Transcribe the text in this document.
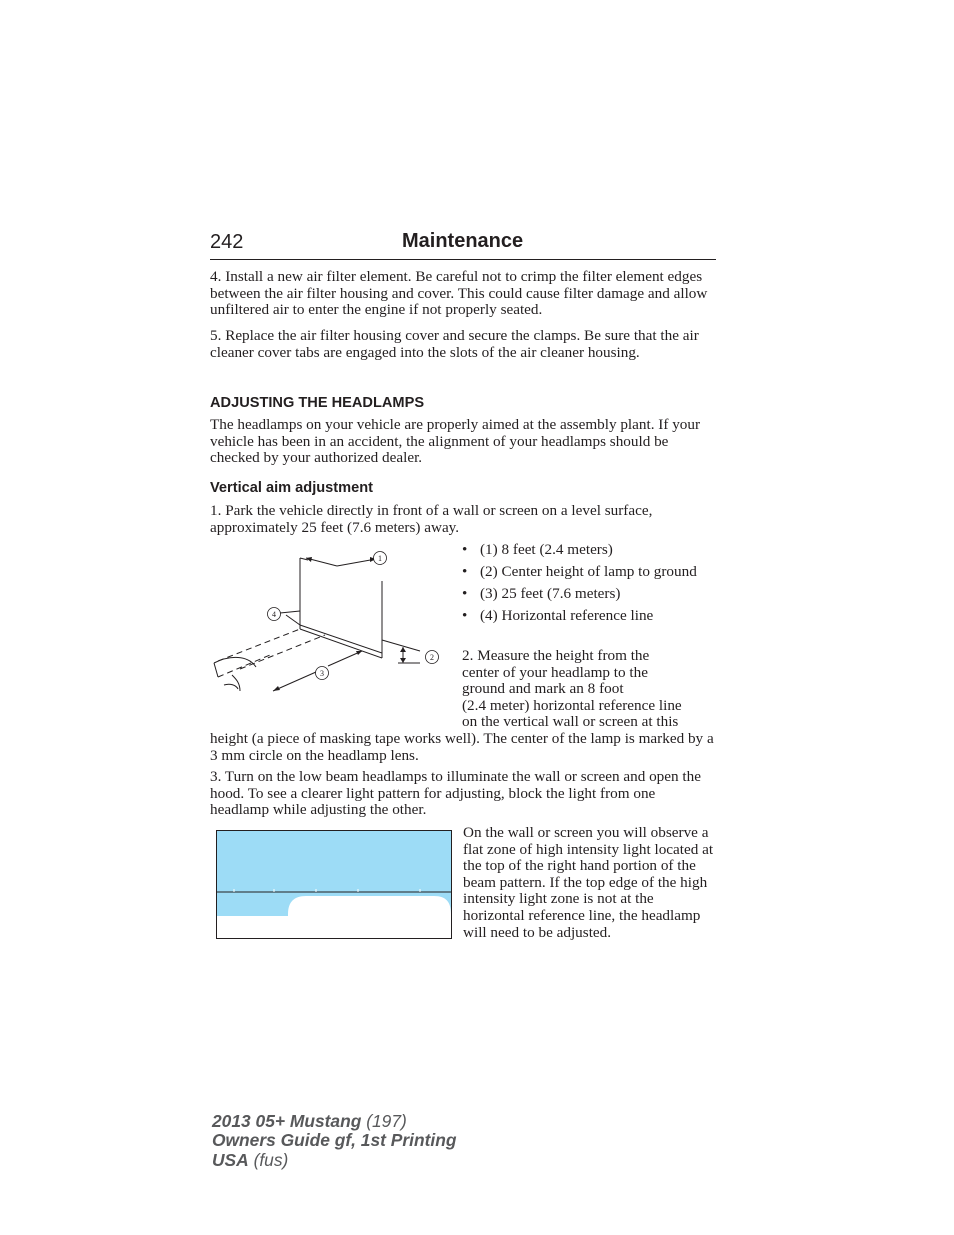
242	Maintenance

4. Install a new air filter element. Be careful not to crimp the filter element edges between the air filter housing and cover. This could cause filter damage and allow unfiltered air to enter the engine if not properly seated.

5. Replace the air filter housing cover and secure the clamps. Be sure that the air cleaner cover tabs are engaged into the slots of the air cleaner housing.

ADJUSTING THE HEADLAMPS

The headlamps on your vehicle are properly aimed at the assembly plant. If your vehicle has been in an accident, the alignment of your headlamps should be checked by your authorized dealer.

Vertical aim adjustment

1. Park the vehicle directly in front of a wall or screen on a level surface, approximately 25 feet (7.6 meters) away.

1
2
3
4
• (1) 8 feet (2.4 meters)
• (2) Center height of lamp to ground
• (3) 25 feet (7.6 meters)
• (4) Horizontal reference line
2. Measure the height from the
center of your headlamp to the
ground and mark an 8 foot
(2.4 meter) horizontal reference line
on the vertical wall or screen at this

height (a piece of masking tape works well). The center of the lamp is marked by a 3 mm circle on the headlamp lens.

3. Turn on the low beam headlamps to illuminate the wall or screen and open the hood. To see a clearer light pattern for adjusting, block the light from one headlamp while adjusting the other.

On the wall or screen you will observe a flat zone of high intensity light located at the top of the right hand portion of the beam pattern. If the top edge of the high intensity light zone is not at the horizontal reference line, the headlamp will need to be adjusted.

2013 05+ Mustang (197)
Owners Guide gf, 1st Printing
USA (fus)
